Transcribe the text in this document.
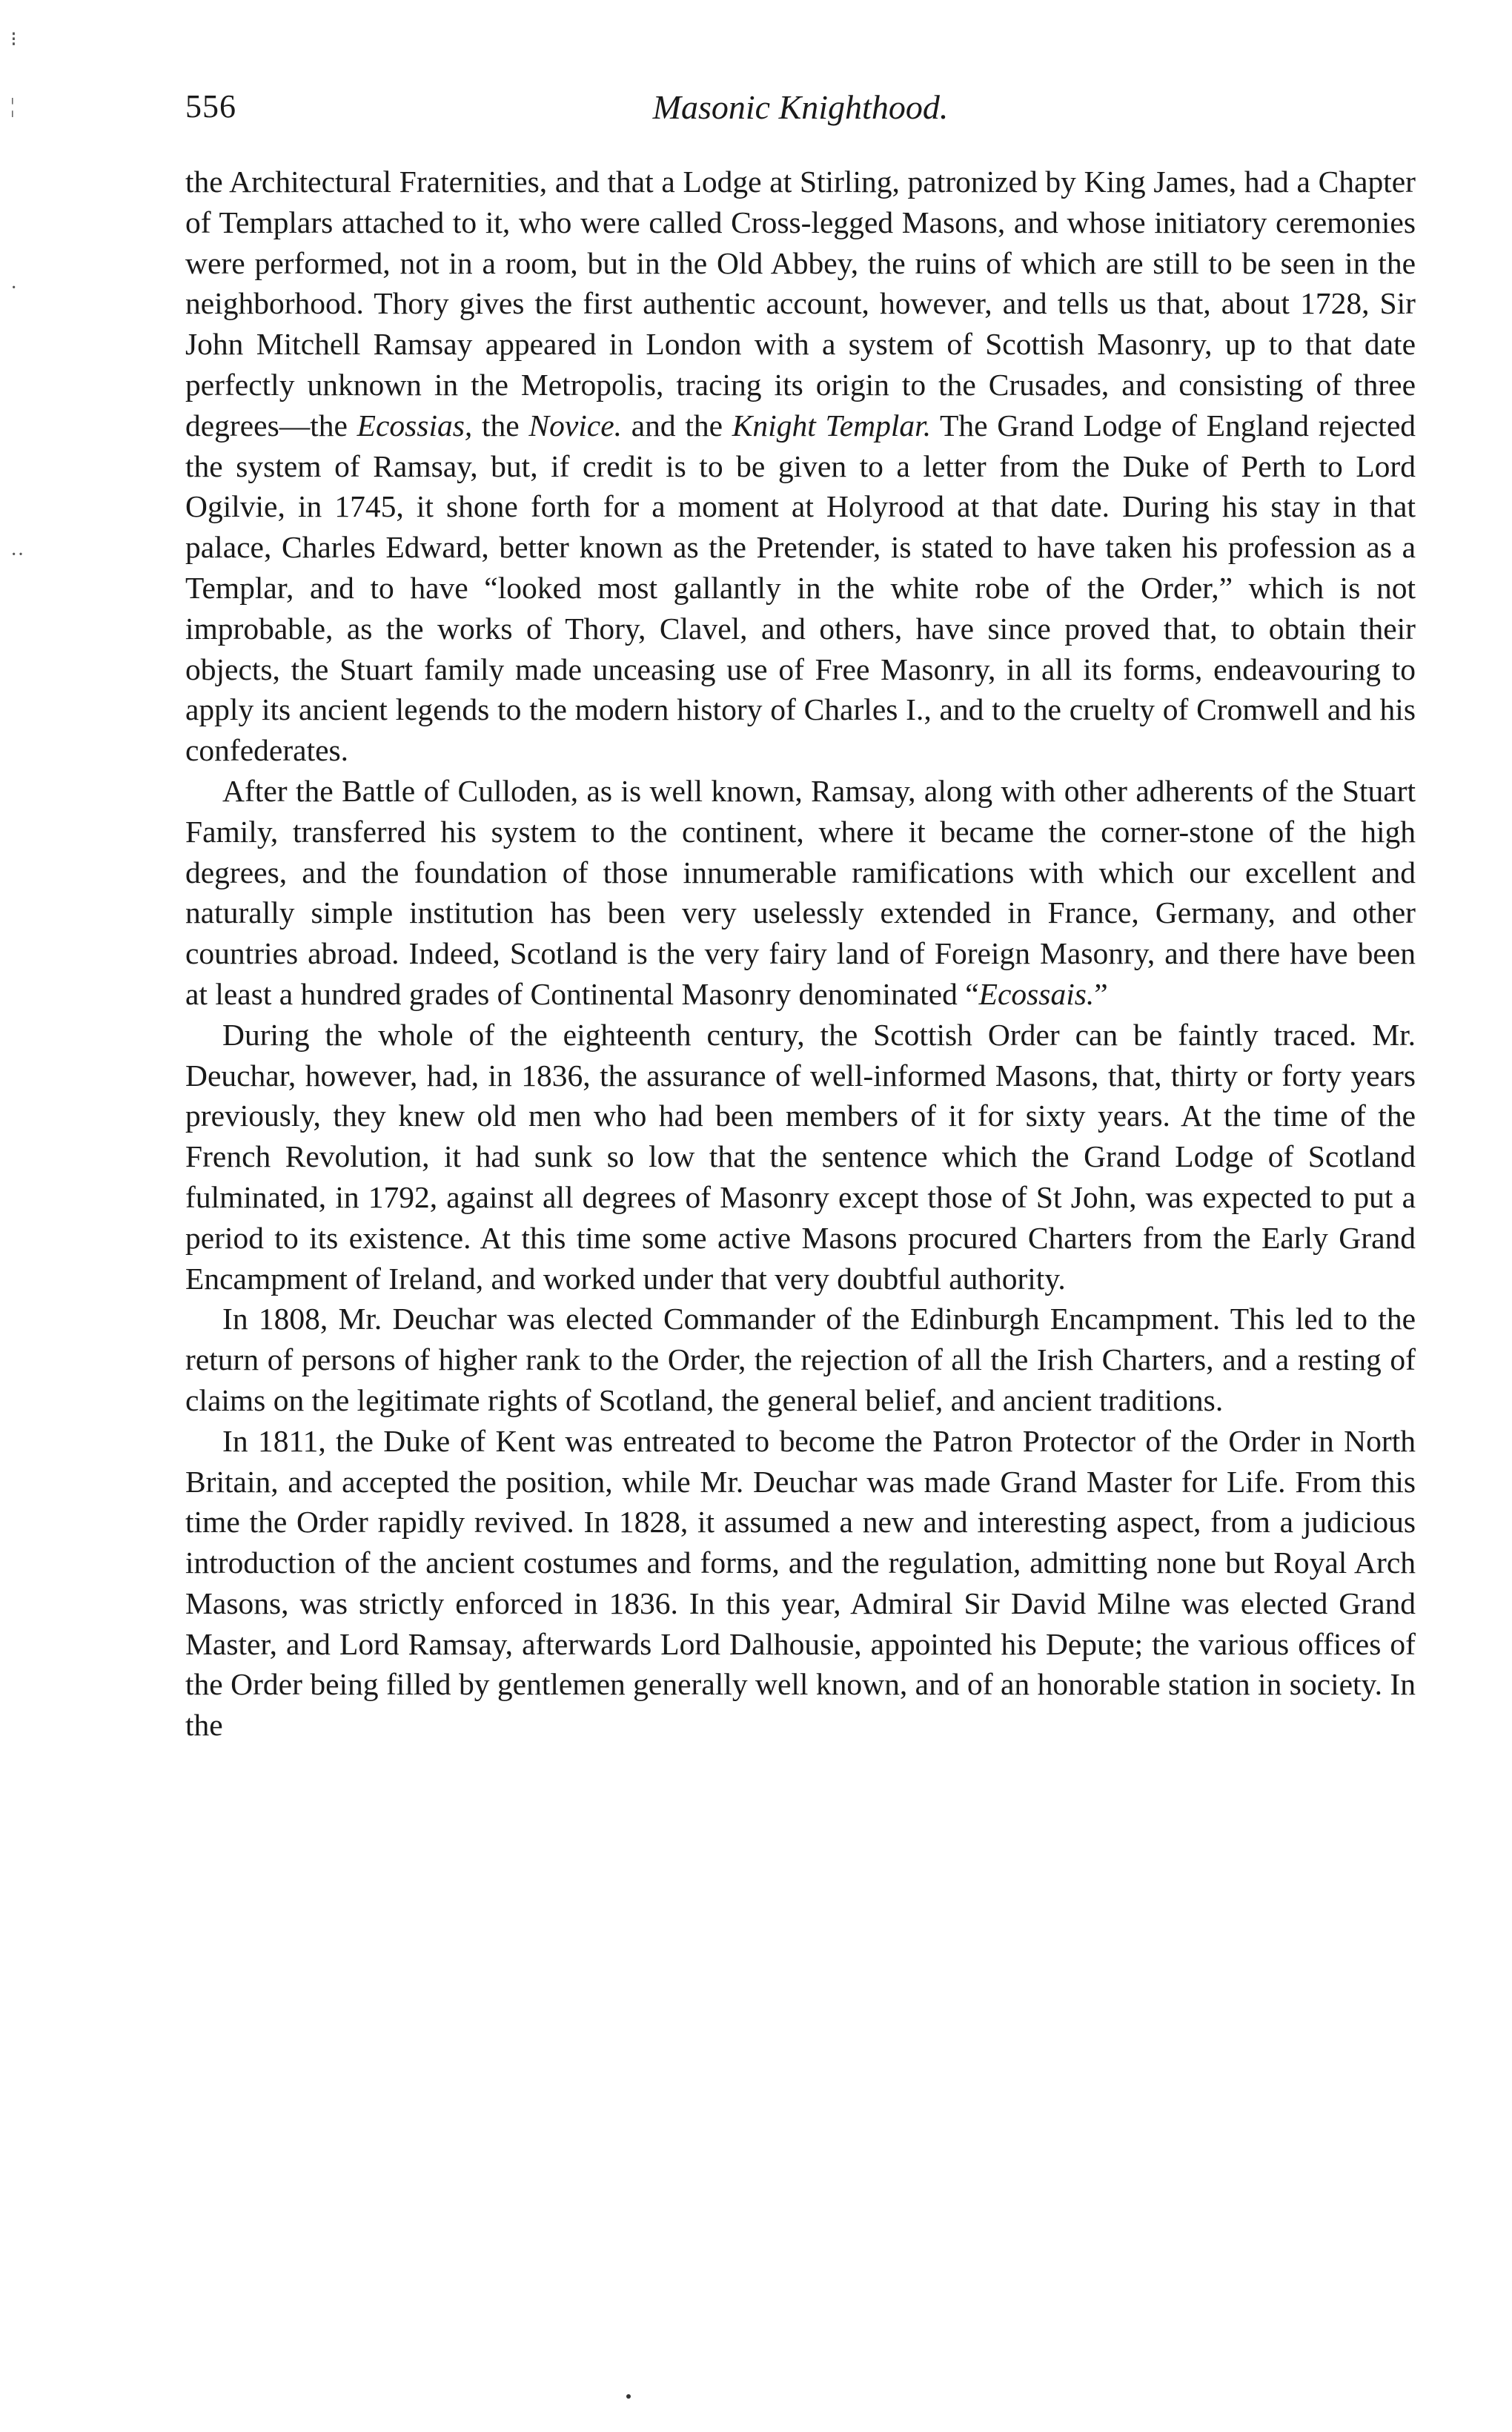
⁝
¦
·
··
556	Masonic Knighthood.

the Architectural Fraternities, and that a Lodge at Stirling, patronized by King James, had a Chapter of Templars attached to it, who were called Cross-legged Masons, and whose initiatory ceremonies were performed, not in a room, but in the Old Abbey, the ruins of which are still to be seen in the neighborhood. Thory gives the first authentic account, however, and tells us that, about 1728, Sir John Mitchell Ramsay appeared in London with a system of Scottish Masonry, up to that date perfectly unknown in the Metropolis, tracing its origin to the Crusades, and consisting of three degrees—the Ecossias, the Novice. and the Knight Templar. The Grand Lodge of England rejected the system of Ramsay, but, if credit is to be given to a letter from the Duke of Perth to Lord Ogilvie, in 1745, it shone forth for a moment at Holyrood at that date. During his stay in that palace, Charles Edward, better known as the Pretender, is stated to have taken his profession as a Templar, and to have “looked most gallantly in the white robe of the Order,” which is not improbable, as the works of Thory, Clavel, and others, have since proved that, to obtain their objects, the Stuart family made unceasing use of Free Masonry, in all its forms, endeavouring to apply its ancient legends to the modern history of Charles I., and to the cruelty of Cromwell and his confederates.

After the Battle of Culloden, as is well known, Ramsay, along with other adherents of the Stuart Family, transferred his system to the continent, where it became the corner-stone of the high degrees, and the foundation of those innumerable ramifications with which our excellent and naturally simple institution has been very uselessly extended in France, Germany, and other countries abroad. Indeed, Scotland is the very fairy land of Foreign Masonry, and there have been at least a hundred grades of Continental Masonry denominated “Ecossais.”

During the whole of the eighteenth century, the Scottish Order can be faintly traced. Mr. Deuchar, however, had, in 1836, the assurance of well-informed Masons, that, thirty or forty years previously, they knew old men who had been members of it for sixty years. At the time of the French Revolution, it had sunk so low that the sentence which the Grand Lodge of Scotland fulminated, in 1792, against all degrees of Masonry except those of St John, was expected to put a period to its existence. At this time some active Masons procured Charters from the Early Grand Encampment of Ireland, and worked under that very doubtful authority.

In 1808, Mr. Deuchar was elected Commander of the Edinburgh Encampment. This led to the return of persons of higher rank to the Order, the rejection of all the Irish Charters, and a resting of claims on the legitimate rights of Scotland, the general belief, and ancient traditions.

In 1811, the Duke of Kent was entreated to become the Patron Protector of the Order in North Britain, and accepted the position, while Mr. Deuchar was made Grand Master for Life. From this time the Order rapidly revived. In 1828, it assumed a new and interesting aspect, from a judicious introduction of the ancient costumes and forms, and the regulation, admitting none but Royal Arch Masons, was strictly enforced in 1836. In this year, Admiral Sir David Milne was elected Grand Master, and Lord Ramsay, afterwards Lord Dalhousie, appointed his Depute; the various offices of the Order being filled by gentlemen generally well known, and of an honorable station in society. In the
